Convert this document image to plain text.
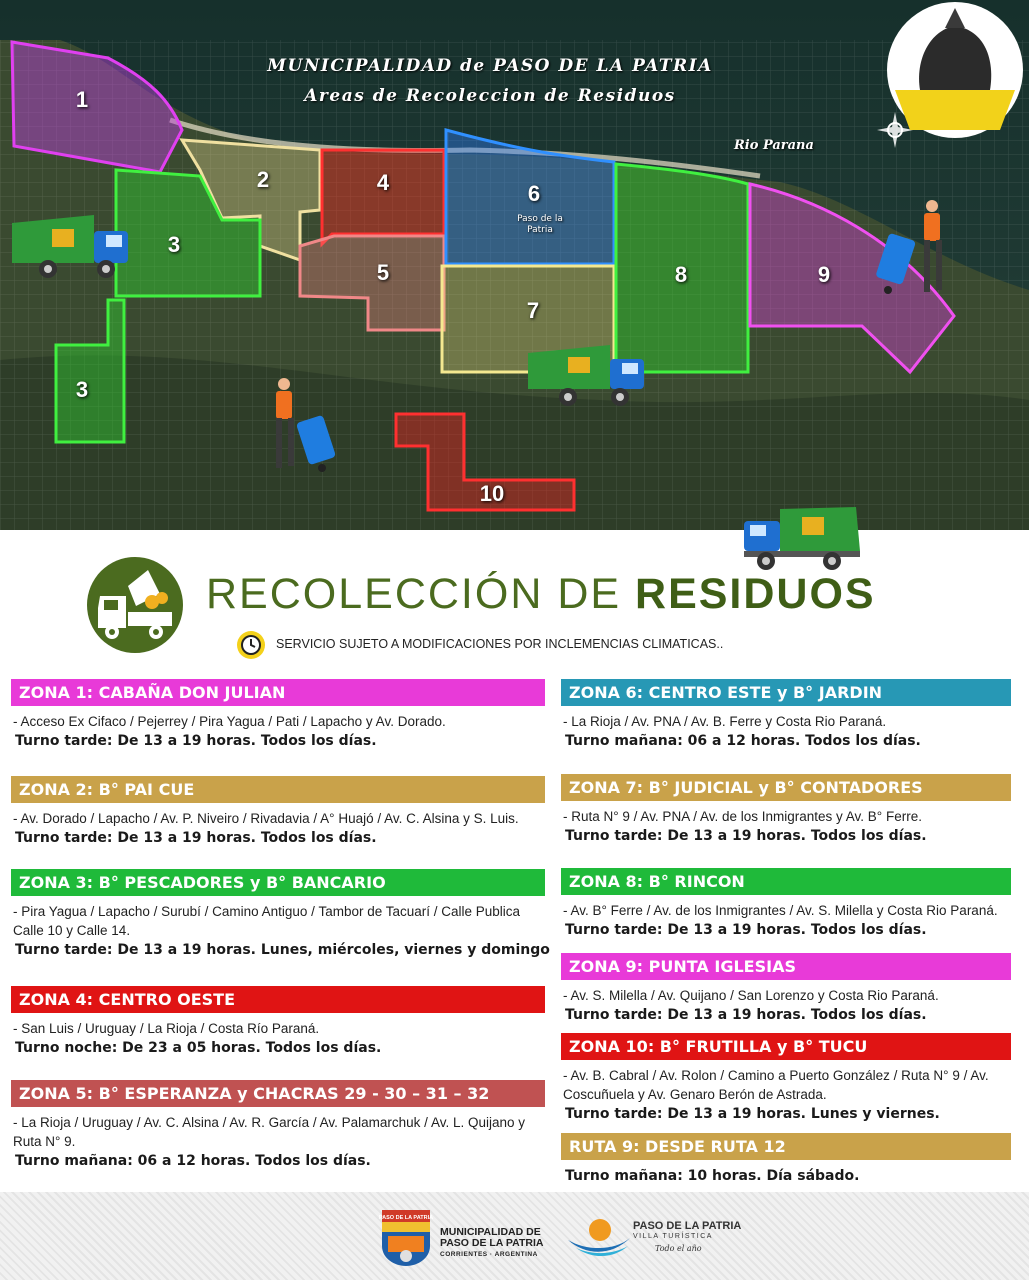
MUNICIPALIDAD de PASO DE LA PATRIA
Areas de Recoleccion de Residuos
Rio Parana
Paso de la Patria
1
2
3
3
4
5
6
7
8	9
10
RECOLECCIÓN DE RESIDUOS
SERVICIO SUJETO A MODIFICACIONES POR INCLEMENCIAS CLIMATICAS..
ZONA 1: CABAÑA DON JULIAN
- Acceso Ex Cifaco / Pejerrey / Pira Yagua / Pati / Lapacho y Av. Dorado.
Turno tarde: De 13 a 19 horas. Todos los días.
ZONA 2: B° PAI CUE
- Av. Dorado / Lapacho / Av. P. Niveiro / Rivadavia / A° Huajó / Av. C. Alsina y S. Luis.
Turno tarde: De 13 a 19 horas. Todos los días.
ZONA 3: B° PESCADORES y B° BANCARIO
- Pira Yagua / Lapacho / Surubí / Camino Antiguo / Tambor de Tacuarí / Calle Publica Calle 10 y Calle 14.
Turno tarde: De 13 a 19 horas. Lunes, miércoles, viernes y domingo
ZONA 4: CENTRO OESTE
- San Luis / Uruguay / La Rioja / Costa Río Paraná.
Turno noche: De 23 a 05 horas. Todos los días.
ZONA 5: B° ESPERANZA y CHACRAS 29 - 30 – 31 – 32
- La Rioja / Uruguay / Av. C. Alsina / Av. R. García / Av. Palamarchuk / Av. L. Quijano y Ruta N° 9.
Turno mañana: 06 a 12 horas. Todos los días.
ZONA 6: CENTRO ESTE y B° JARDIN
- La Rioja / Av. PNA / Av. B. Ferre y Costa Rio Paraná.
Turno mañana: 06 a 12 horas. Todos los días.
ZONA 7: B° JUDICIAL y B° CONTADORES
- Ruta N° 9 / Av. PNA / Av. de los Inmigrantes y Av. B° Ferre.
Turno tarde: De 13 a 19 horas. Todos los días.
ZONA 8: B° RINCON
- Av. B° Ferre / Av. de los Inmigrantes / Av. S. Milella y Costa Rio Paraná.
Turno tarde: De 13 a 19 horas. Todos los días.
ZONA 9: PUNTA IGLESIAS
- Av. S. Milella / Av. Quijano / San Lorenzo y Costa Rio Paraná.
Turno tarde: De 13 a 19 horas. Todos los días.
ZONA 10: B° FRUTILLA y B° TUCU
- Av. B. Cabral / Av. Rolon / Camino a Puerto González / Ruta N° 9 / Av. Coscuñuela y Av. Genaro Berón de Astrada.
Turno tarde: De 13 a 19 horas. Lunes y viernes.
RUTA 9: DESDE RUTA 12
Turno mañana: 10 horas. Día sábado.
PASO DE LA PATRIA
MUNICIPALIDAD DE
PASO DE LA PATRIA
CORRIENTES · ARGENTINA
PASO DE LA PATRIA
VILLA TURÍSTICA
Todo el año
